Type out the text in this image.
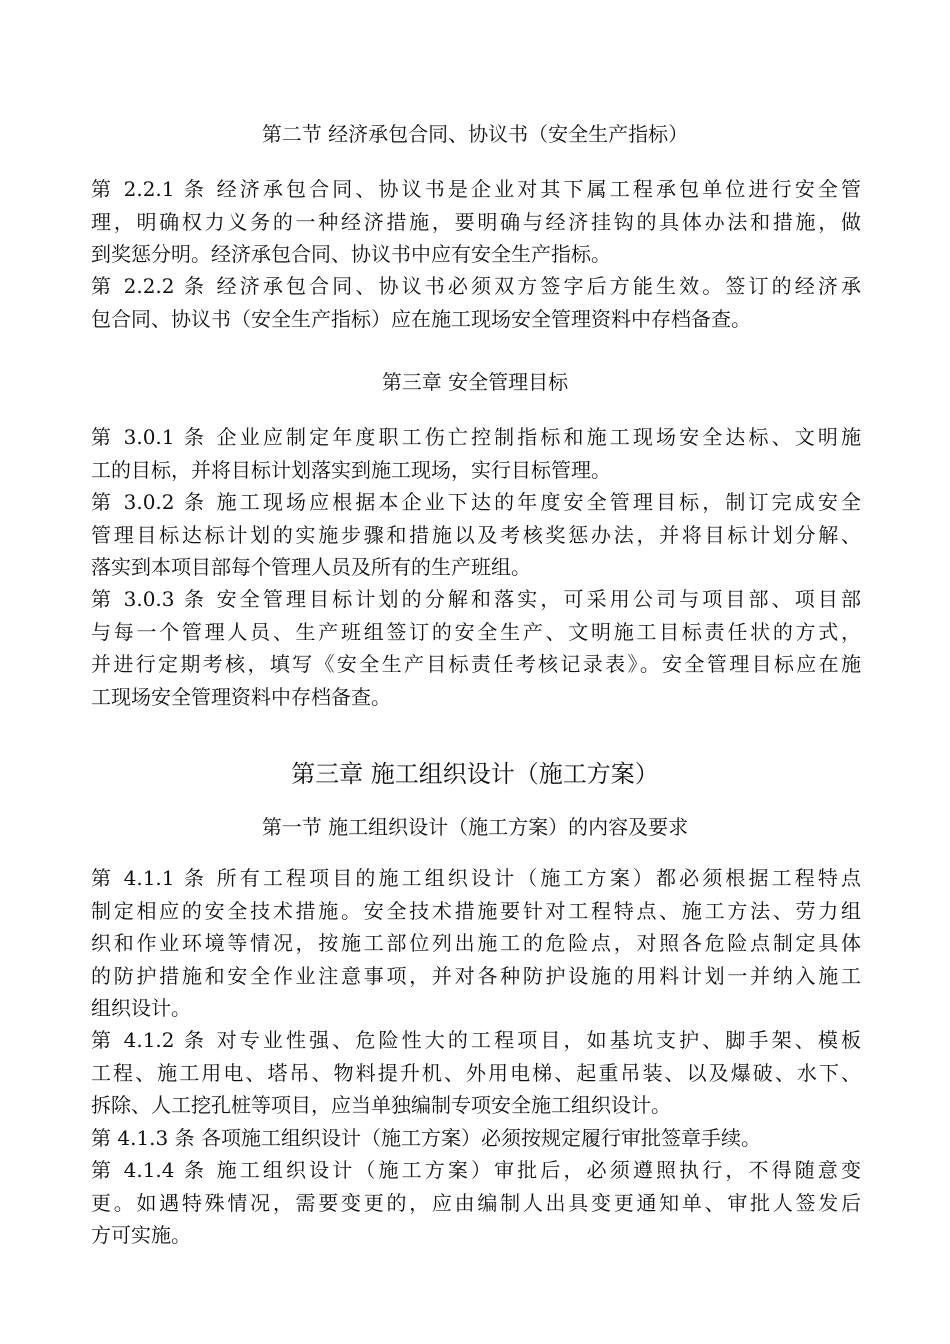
第二节 经济承包合同、协议书（安全生产指标）
第 2.2.1 条 经济承包合同、协议书是企业对其下属工程承包单位进行安全管
理，明确权力义务的一种经济措施，要明确与经济挂钩的具体办法和措施，做
到奖惩分明。经济承包合同、协议书中应有安全生产指标。
第 2.2.2 条 经济承包合同、协议书必须双方签字后方能生效。签订的经济承
包合同、协议书（安全生产指标）应在施工现场安全管理资料中存档备查。
第三章 安全管理目标
第 3.0.1 条 企业应制定年度职工伤亡控制指标和施工现场安全达标、文明施
工的目标，并将目标计划落实到施工现场，实行目标管理。
第 3.0.2 条 施工现场应根据本企业下达的年度安全管理目标，制订完成安全
管理目标达标计划的实施步骤和措施以及考核奖惩办法，并将目标计划分解、
落实到本项目部每个管理人员及所有的生产班组。
第 3.0.3 条 安全管理目标计划的分解和落实，可采用公司与项目部、项目部
与每一个管理人员、生产班组签订的安全生产、文明施工目标责任状的方式，
并进行定期考核，填写《安全生产目标责任考核记录表》。安全管理目标应在施
工现场安全管理资料中存档备查。
第三章 施工组织设计（施工方案）
第一节 施工组织设计（施工方案）的内容及要求
第 4.1.1 条 所有工程项目的施工组织设计（施工方案）都必须根据工程特点
制定相应的安全技术措施。安全技术措施要针对工程特点、施工方法、劳力组
织和作业环境等情况，按施工部位列出施工的危险点，对照各危险点制定具体
的防护措施和安全作业注意事项，并对各种防护设施的用料计划一并纳入施工
组织设计。
第 4.1.2 条 对专业性强、危险性大的工程项目，如基坑支护、脚手架、模板
工程、施工用电、塔吊、物料提升机、外用电梯、起重吊装、以及爆破、水下、
拆除、人工挖孔桩等项目，应当单独编制专项安全施工组织设计。
第 4.1.3 条 各项施工组织设计（施工方案）必须按规定履行审批签章手续。
第 4.1.4 条 施工组织设计（施工方案）审批后，必须遵照执行，不得随意变
更。如遇特殊情况，需要变更的，应由编制人出具变更通知单、审批人签发后
方可实施。
